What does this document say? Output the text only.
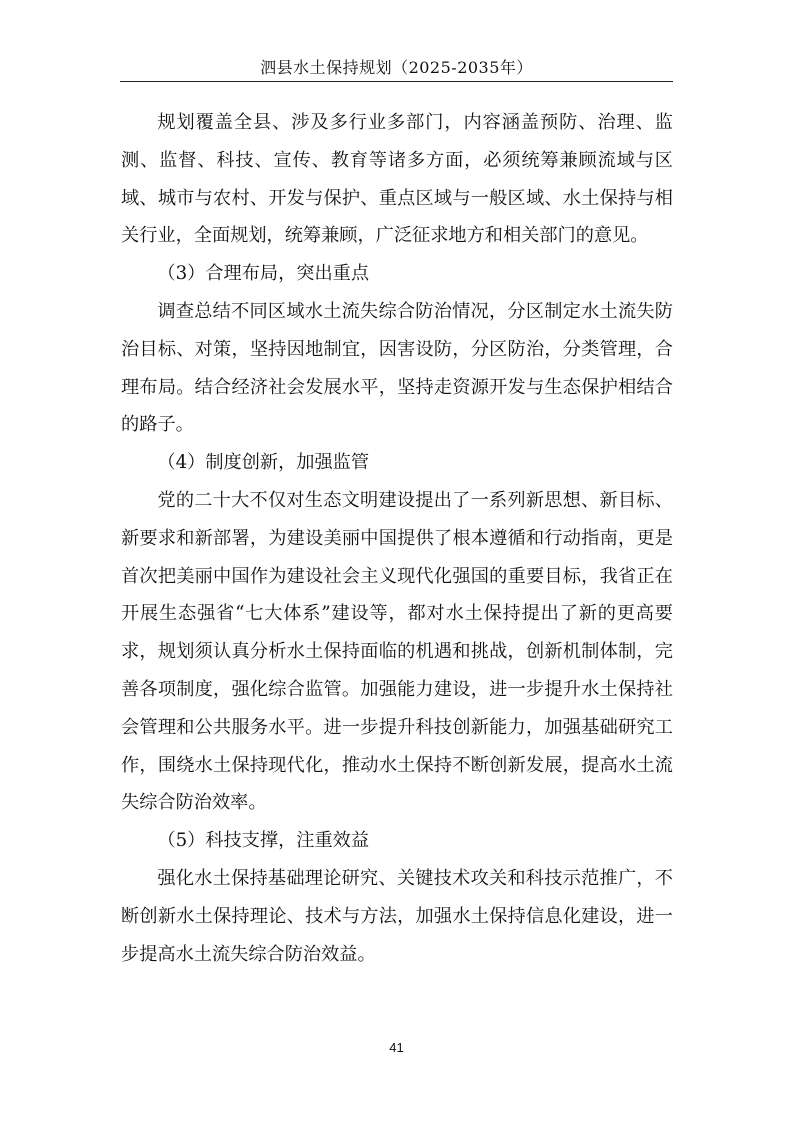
泗县水土保持规划（2025-2035年）

规划覆盖全县、涉及多行业多部门，内容涵盖预防、治理、监测、监督、科技、宣传、教育等诸多方面，必须统筹兼顾流域与区域、城市与农村、开发与保护、重点区域与一般区域、水土保持与相关行业，全面规划，统筹兼顾，广泛征求地方和相关部门的意见。

（3）合理布局，突出重点

调查总结不同区域水土流失综合防治情况，分区制定水土流失防治目标、对策，坚持因地制宜，因害设防，分区防治，分类管理，合理布局。结合经济社会发展水平，坚持走资源开发与生态保护相结合的路子。

（4）制度创新，加强监管

党的二十大不仅对生态文明建设提出了一系列新思想、新目标、新要求和新部署，为建设美丽中国提供了根本遵循和行动指南，更是首次把美丽中国作为建设社会主义现代化强国的重要目标，我省正在开展生态强省“七大体系”建设等，都对水土保持提出了新的更高要求，规划须认真分析水土保持面临的机遇和挑战，创新机制体制，完善各项制度，强化综合监管。加强能力建设，进一步提升水土保持社会管理和公共服务水平。进一步提升科技创新能力，加强基础研究工作，围绕水土保持现代化，推动水土保持不断创新发展，提高水土流失综合防治效率。

（5）科技支撑，注重效益

强化水土保持基础理论研究、关键技术攻关和科技示范推广，不断创新水土保持理论、技术与方法，加强水土保持信息化建设，进一步提高水土流失综合防治效益。

41
